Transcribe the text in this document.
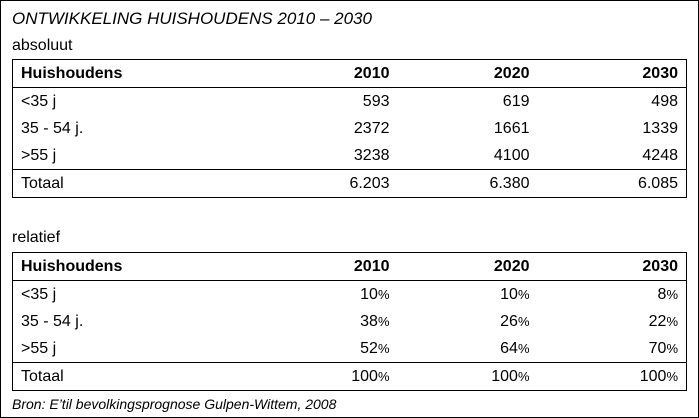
ONTWIKKELING HUISHOUDENS 2010 – 2030
absoluut
Huishoudens	2010	2020	2030
<35 j	593	619	498
35 - 54 j.	2372	1661	1339
>55 j	3238	4100	4248
Totaal	6.203	6.380	6.085
relatief
Huishoudens	2010	2020	2030
<35 j	10%	10%	8%
35 - 54 j.	38%	26%	22%
>55 j	52%	64%	70%
Totaal	100%	100%	100%
Bron: E’til bevolkingsprognose Gulpen-Wittem, 2008
